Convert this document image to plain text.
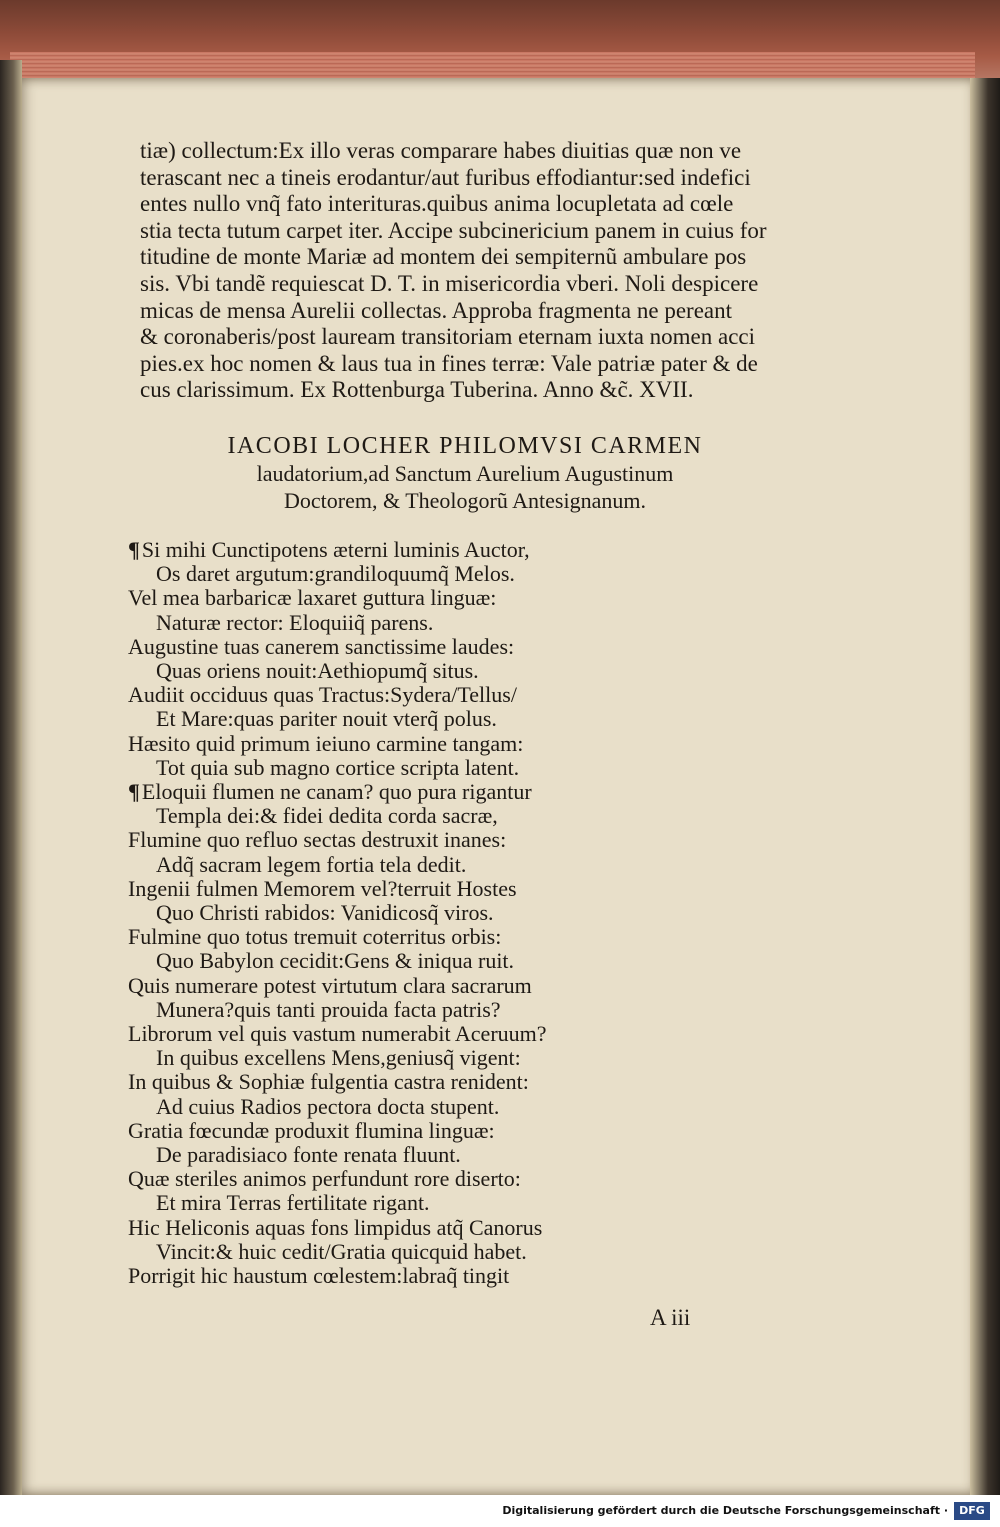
tiæ) collectum:Ex illo veras comparare habes diuitias quæ non ve
terascant nec a tineis erodantur/aut furibus effodiantur:sed indefici
entes nullo vnq̃ fato interituras.quibus anima locupletata ad cœle
stia tecta tutum carpet iter. Accipe subcinericium panem in cuius for
titudine de monte Mariæ ad montem dei sempiternũ ambulare pos
sis. Vbi tandẽ requiescat D. T. in misericordia vberi. Noli despicere
micas de mensa Aurelii collectas. Approba fragmenta ne pereant
& coronaberis/post lauream transitoriam eternam iuxta nomen acci
pies.ex hoc nomen & laus tua in fines terræ: Vale patriæ pater & de
cus clarissimum. Ex Rottenburga Tuberina. Anno &c̃. XVII.
IACOBI LOCHER PHILOMVSI CARMEN
laudatorium,ad Sanctum Aurelium Augustinum
Doctorem, & Theologorũ Antesignanum.
¶Si mihi Cunctipotens æterni luminis Auctor,
Os daret argutum:grandiloquumq̃ Melos.
Vel mea barbaricæ laxaret guttura linguæ:
Naturæ rector: Eloquiiq̃ parens.
Augustine tuas canerem sanctissime laudes:
Quas oriens nouit:Aethiopumq̃ situs.
Audiit occiduus quas Tractus:Sydera/Tellus/
Et Mare:quas pariter nouit vterq̃ polus.
Hæsito quid primum ieiuno carmine tangam:
Tot quia sub magno cortice scripta latent.
¶Eloquii flumen ne canam? quo pura rigantur
Templa dei:& fidei dedita corda sacræ,
Flumine quo refluo sectas destruxit inanes:
Adq̃ sacram legem fortia tela dedit.
Ingenii fulmen Memorem vel?terruit Hostes
Quo Christi rabidos: Vanidicosq̃ viros.
Fulmine quo totus tremuit coterritus orbis:
Quo Babylon cecidit:Gens & iniqua ruit.
Quis numerare potest virtutum clara sacrarum
Munera?quis tanti prouida facta patris?
Librorum vel quis vastum numerabit Aceruum?
In quibus excellens Mens,geniusq̃ vigent:
In quibus & Sophiæ fulgentia castra renident:
Ad cuius Radios pectora docta stupent.
Gratia fœcundæ produxit flumina linguæ:
De paradisiaco fonte renata fluunt.
Quæ steriles animos perfundunt rore diserto:
Et mira Terras fertilitate rigant.
Hic Heliconis aquas fons limpidus atq̃ Canorus
Vincit:& huic cedit/Gratia quicquid habet.
Porrigit hic haustum cœlestem:labraq̃ tingit
A iii
Digitalisierung gefördert durch die Deutsche Forschungsgemeinschaft ·	DFG
